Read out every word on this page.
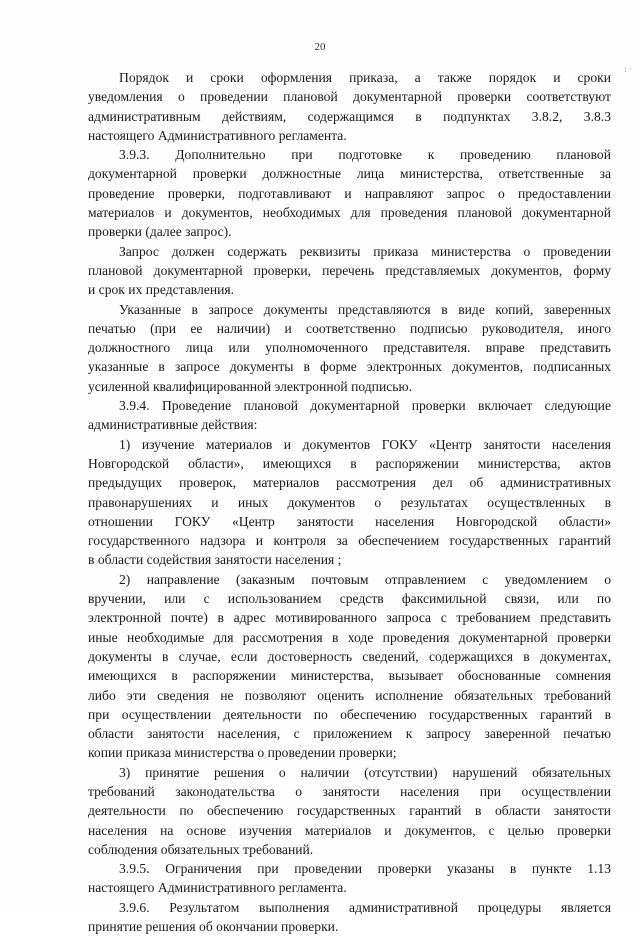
20
: ·
Порядок и сроки оформления приказа, а также порядок и сроки
уведомления о проведении плановой документарной проверки соответствуют
административным действиям, содержащимся в подпунктах 3.8.2, 3.8.3
настоящего Административного регламента.
3.9.3. Дополнительно при подготовке к проведению плановой
документарной проверки должностные лица министерства, ответственные за
проведение проверки, подготавливают и направляют запрос о предоставлении
материалов и документов, необходимых для проведения плановой документарной
проверки (далее запрос).
Запрос должен содержать реквизиты приказа министерства о проведении
плановой документарной проверки, перечень представляемых документов, форму
и срок их представления.
Указанные в запросе документы представляются в виде копий, заверенных
печатью (при ее наличии) и соответственно подписью руководителя, иного
должностного лица или уполномоченного представителя. вправе представить
указанные в запросе документы в форме электронных документов, подписанных
усиленной квалифицированной электронной подписью.
3.9.4. Проведение плановой документарной проверки включает следующие
административные действия:
1) изучение материалов и документов ГОКУ «Центр занятости населения
Новгородской области», имеющихся в распоряжении министерства, актов
предыдущих проверок, материалов рассмотрения дел об административных
правонарушениях и иных документов о результатах осуществленных в
отношении ГОКУ «Центр занятости населения Новгородской области»
государственного надзора и контроля за обеспечением государственных гарантий
в области содействия занятости населения ;
2) направление (заказным почтовым отправлением с уведомлением о
вручении, или с использованием средств факсимильной связи, или по
электронной почте) в адрес мотивированного запроса с требованием представить
иные необходимые для рассмотрения в ходе проведения документарной проверки
документы в случае, если достоверность сведений, содержащихся в документах,
имеющихся в распоряжении министерства, вызывает обоснованные сомнения
либо эти сведения не позволяют оценить исполнение обязательных требований
при осуществлении деятельности по обеспечению государственных гарантий в
области занятости населения, с приложением к запросу заверенной печатью
копии приказа министерства о проведении проверки;
3) принятие решения о наличии (отсутствии) нарушений обязательных
требований законодательства о занятости населения при осуществлении
деятельности по обеспечению государственных гарантий в области занятости
населения на основе изучения материалов и документов, с целью проверки
соблюдения обязательных требований.
3.9.5. Ограничения при проведении проверки указаны в пункте 1.13
настоящего Административного регламента.
3.9.6. Результатом выполнения административной процедуры является
принятие решения об окончании проверки.
